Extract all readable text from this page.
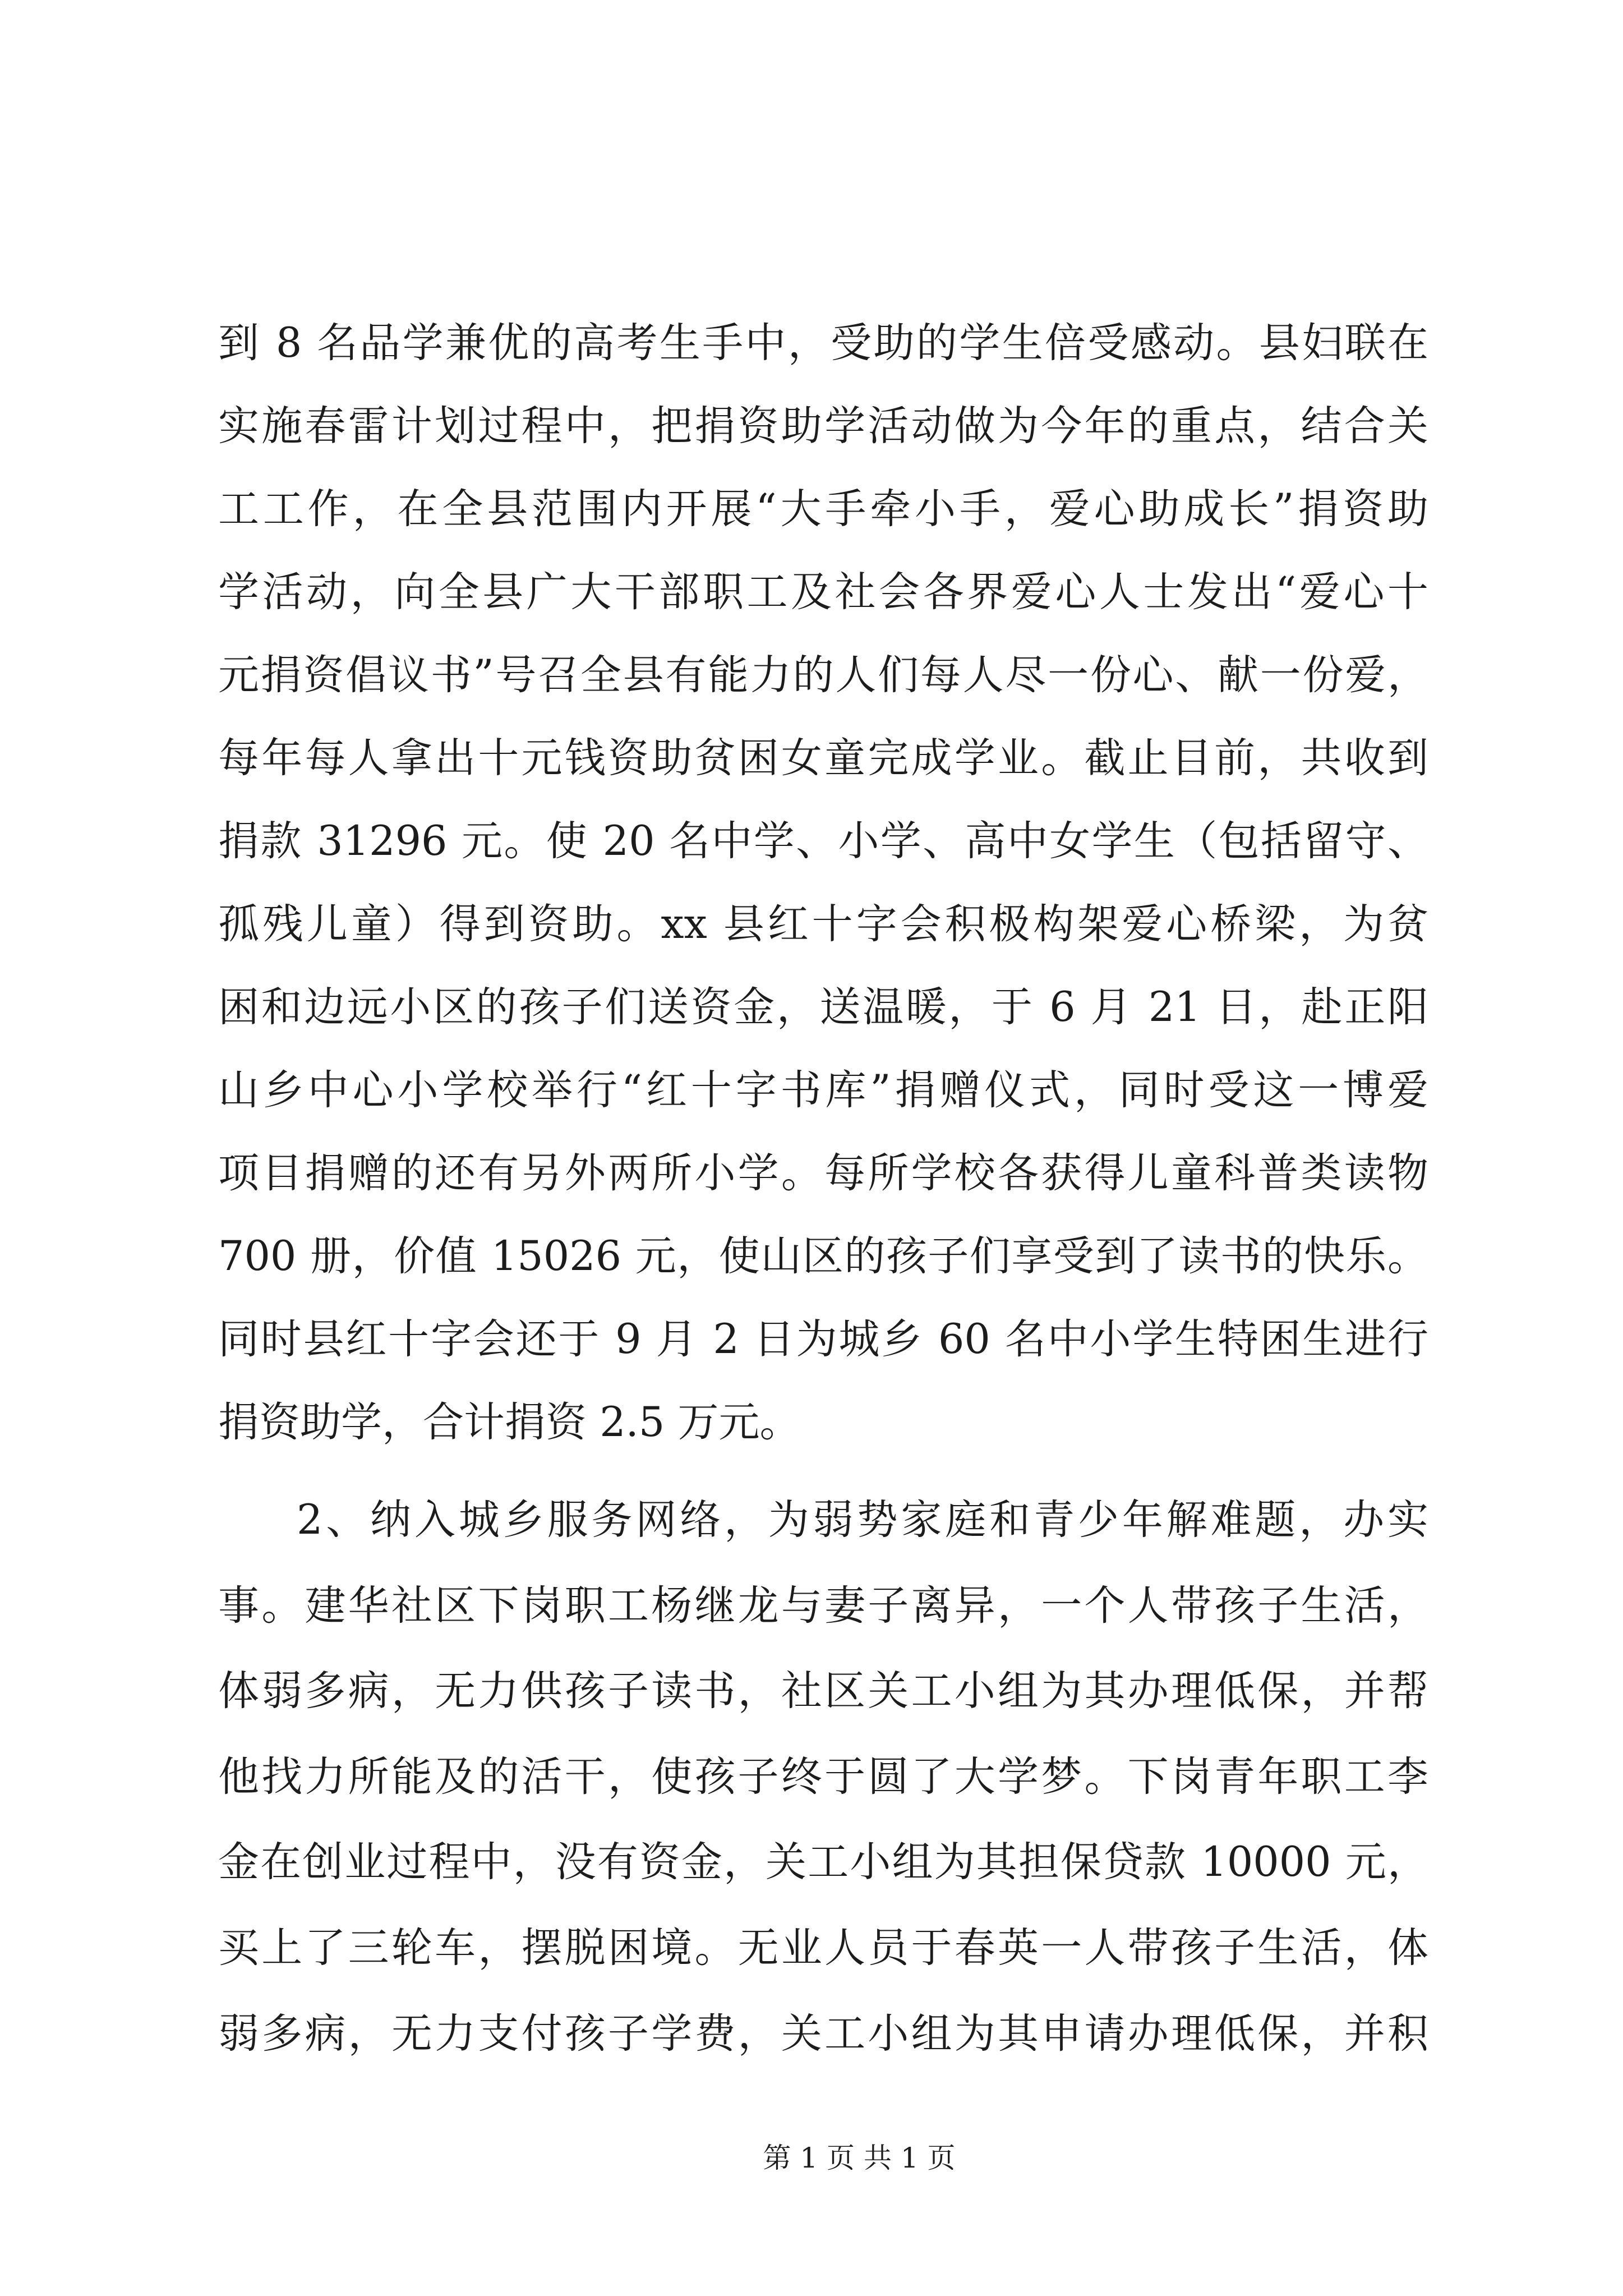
到 8 名品学兼优的高考生手中，受助的学生倍受感动。县妇联在
实施春雷计划过程中，把捐资助学活动做为今年的重点，结合关
工工作，在全县范围内开展“大手牵小手，爱心助成长”捐资助
学活动，向全县广大干部职工及社会各界爱心人士发出“爱心十
元捐资倡议书”号召全县有能力的人们每人尽一份心、献一份爱，
每年每人拿出十元钱资助贫困女童完成学业。截止目前，共收到
捐款 31296 元。使 20 名中学、小学、高中女学生（包括留守、
孤残儿童）得到资助。xx 县红十字会积极构架爱心桥梁，为贫
困和边远小区的孩子们送资金，送温暖，于 6 月 21 日，赴正阳
山乡中心小学校举行“红十字书库”捐赠仪式，同时受这一博爱
项目捐赠的还有另外两所小学。每所学校各获得儿童科普类读物
700 册，价值 15026 元，使山区的孩子们享受到了读书的快乐。
同时县红十字会还于 9 月 2 日为城乡 60 名中小学生特困生进行
捐资助学，合计捐资 2.5 万元。
2、纳入城乡服务网络，为弱势家庭和青少年解难题，办实
事。建华社区下岗职工杨继龙与妻子离异，一个人带孩子生活，
体弱多病，无力供孩子读书，社区关工小组为其办理低保，并帮
他找力所能及的活干，使孩子终于圆了大学梦。下岗青年职工李
金在创业过程中，没有资金，关工小组为其担保贷款 10000 元，
买上了三轮车，摆脱困境。无业人员于春英一人带孩子生活，体
弱多病，无力支付孩子学费，关工小组为其申请办理低保，并积
第 1 页 共 1 页
